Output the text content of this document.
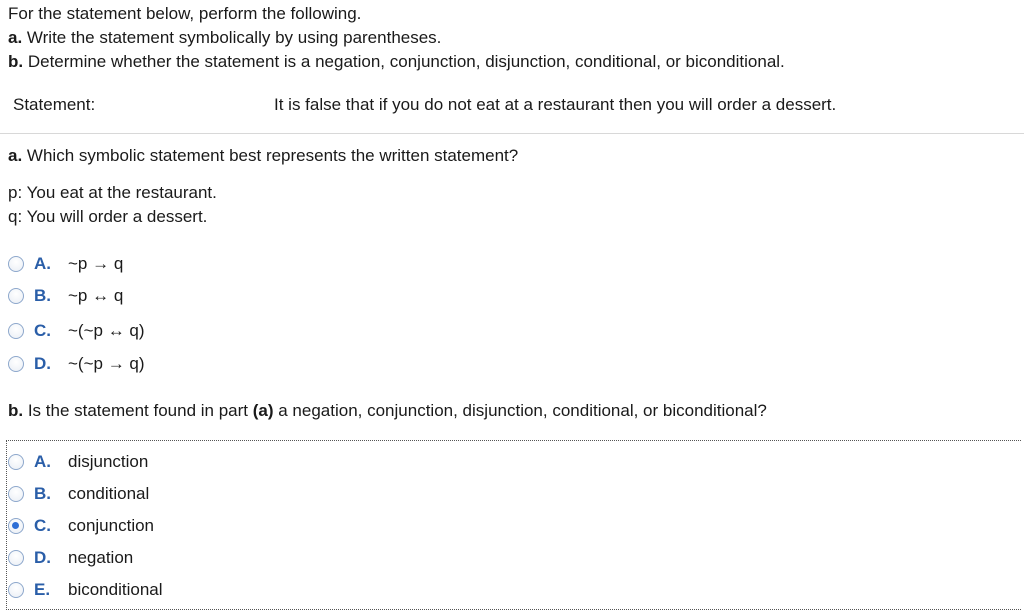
For the statement below, perform the following.
a. Write the statement symbolically by using parentheses.
b. Determine whether the statement is a negation, conjunction, disjunction, conditional, or biconditional.
Statement:	It is false that if you do not eat at a restaurant then you will order a dessert.
a. Which symbolic statement best represents the written statement?
p: You eat at the restaurant.
q: You will order a dessert.
A.	~p → q
B.	~p ↔ q
C.	~(~p ↔ q)
D.	~(~p → q)
b. Is the statement found in part (a) a negation, conjunction, disjunction, conditional, or biconditional?
A.	disjunction
B.	conditional
C.	conjunction
D.	negation
E.	biconditional
